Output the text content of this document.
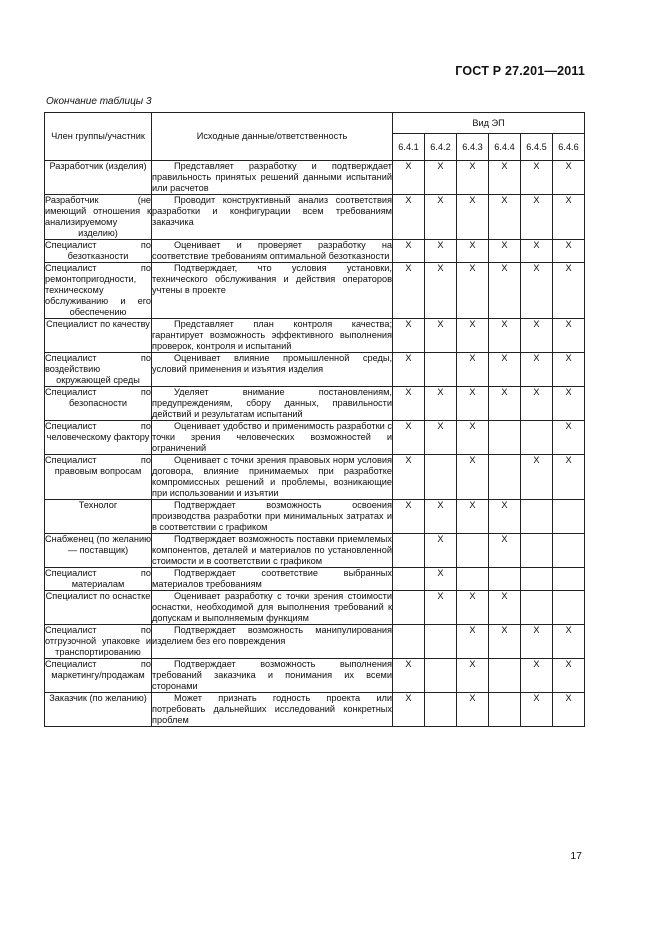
ГОСТ Р 27.201—2011
Окончание таблицы 3
Член группы/участник	Исходные данные/ответственность	Вид ЭП					
		6.4.1	6.4.2	6.4.3	6.4.4	6.4.5	6.4.6
Разработчик (изделия)	Представляет разработку и подтверждает правильность принятых решений данными испытаний или расчетов	X	X	X	X	X	X
Разработчик (не имеющий отношения к анализируемому изделию)	Проводит конструктивный анализ соответствия разработки и конфигурации всем требованиям заказчика	X	X	X	X	X	X
Специалист по безотказности	Оценивает и проверяет разработку на соответствие требованиям оптимальной безотказности	X	X	X	X	X	X
Специалист по ремонтопригодности, техническому обслуживанию и его обеспечению	Подтверждает, что условия установки, технического обслуживания и действия операторов учтены в проекте	X	X	X	X	X	X
Специалист по качеству	Представляет план контроля качества; гарантирует возможность эффективного выполнения проверок, контроля и испытаний	X	X	X	X	X	X
Специалист по воздействию окружающей среды	Оценивает влияние промышленной среды, условий применения и изъятия изделия	X		X	X	X	X
Специалист по безопасности	Уделяет внимание постановлениям, предупреждениям, сбору данных, правильности действий и результатам испытаний	X	X	X	X	X	X
Специалист по человеческому фактору	Оценивает удобство и применимость разработки с точки зрения человеческих возможностей и ограничений	X	X	X			X
Специалист по правовым вопросам	Оценивает с точки зрения правовых норм условия договора, влияние принимаемых при разработке компромиссных решений и проблемы, возникающие при использовании и изъятии	X		X		X	X
Технолог	Подтверждает возможность освоения производства разработки при минимальных затратах и в соответствии с графиком	X	X	X	X		
Снабженец (по желанию — поставщик)	Подтверждает возможность поставки приемлемых компонентов, деталей и материалов по установленной стоимости и в соответствии с графиком		X		X		
Специалист по материалам	Подтверждает соответствие выбранных материалов требованиям		X				
Специалист по оснастке	Оценивает разработку с точки зрения стоимости оснастки, необходимой для выполнения требований к допускам и выполняемым функциям		X	X	X		
Специалист по отгрузочной упаковке и транспортированию	Подтверждает возможность манипулирования изделием без его повреждения			X	X	X	X
Специалист по маркетингу/продажам	Подтверждает возможность выполнения требований заказчика и понимания их всеми сторонами	X		X		X	X
Заказчик (по желанию)	Может признать годность проекта или потребовать дальнейших исследований конкретных проблем	X		X		X	X
17
